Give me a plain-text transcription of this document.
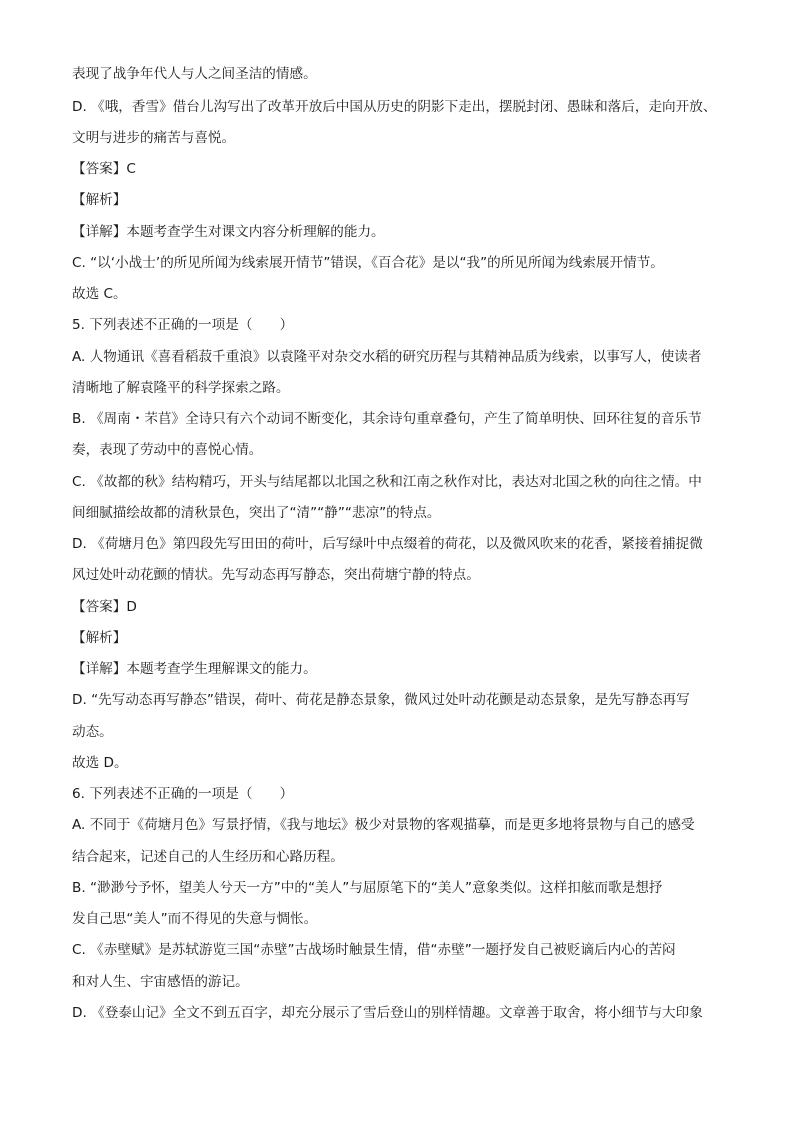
表现了战争年代人与人之间圣洁的情感。
D. 《哦，香雪》借台儿沟写出了改革开放后中国从历史的阴影下走出，摆脱封闭、愚昧和落后，走向开放、
文明与进步的痛苦与喜悦。
【答案】C
【解析】
【详解】本题考查学生对课文内容分析理解的能力。
C. “以‘小战士’的所见所闻为线索展开情节”错误，《百合花》是以“我”的所见所闻为线索展开情节。
故选 C。
5. 下列表述不正确的一项是（　　）
A. 人物通讯《喜看稻菽千重浪》以袁隆平对杂交水稻的研究历程与其精神品质为线索，以事写人，使读者
清晰地了解袁隆平的科学探索之路。
B. 《周南・芣苢》全诗只有六个动词不断变化，其余诗句重章叠句，产生了简单明快、回环往复的音乐节
奏，表现了劳动中的喜悦心情。
C. 《故都的秋》结构精巧，开头与结尾都以北国之秋和江南之秋作对比，表达对北国之秋的向往之情。中
间细腻描绘故都的清秋景色，突出了“清”“静”“悲凉”的特点。
D. 《荷塘月色》第四段先写田田的荷叶，后写绿叶中点缀着的荷花，以及微风吹来的花香，紧接着捕捉微
风过处叶动花颤的情状。先写动态再写静态，突出荷塘宁静的特点。
【答案】D
【解析】
【详解】本题考查学生理解课文的能力。
D. “先写动态再写静态”错误，荷叶、荷花是静态景象，微风过处叶动花颤是动态景象，是先写静态再写
动态。
故选 D。
6. 下列表述不正确的一项是（　　）
A. 不同于《荷塘月色》写景抒情，《我与地坛》极少对景物的客观描摹，而是更多地将景物与自己的感受
结合起来，记述自己的人生经历和心路历程。
B. “渺渺兮予怀，望美人兮天一方”中的“美人”与屈原笔下的“美人”意象类似。这样扣舷而歌是想抒
发自己思“美人”而不得见的失意与惆怅。
C. 《赤壁赋》是苏轼游览三国“赤壁”古战场时触景生情，借“赤壁”一题抒发自己被贬谪后内心的苦闷
和对人生、宇宙感悟的游记。
D. 《登泰山记》全文不到五百字，却充分展示了雪后登山的别样情趣。文章善于取舍，将小细节与大印象
